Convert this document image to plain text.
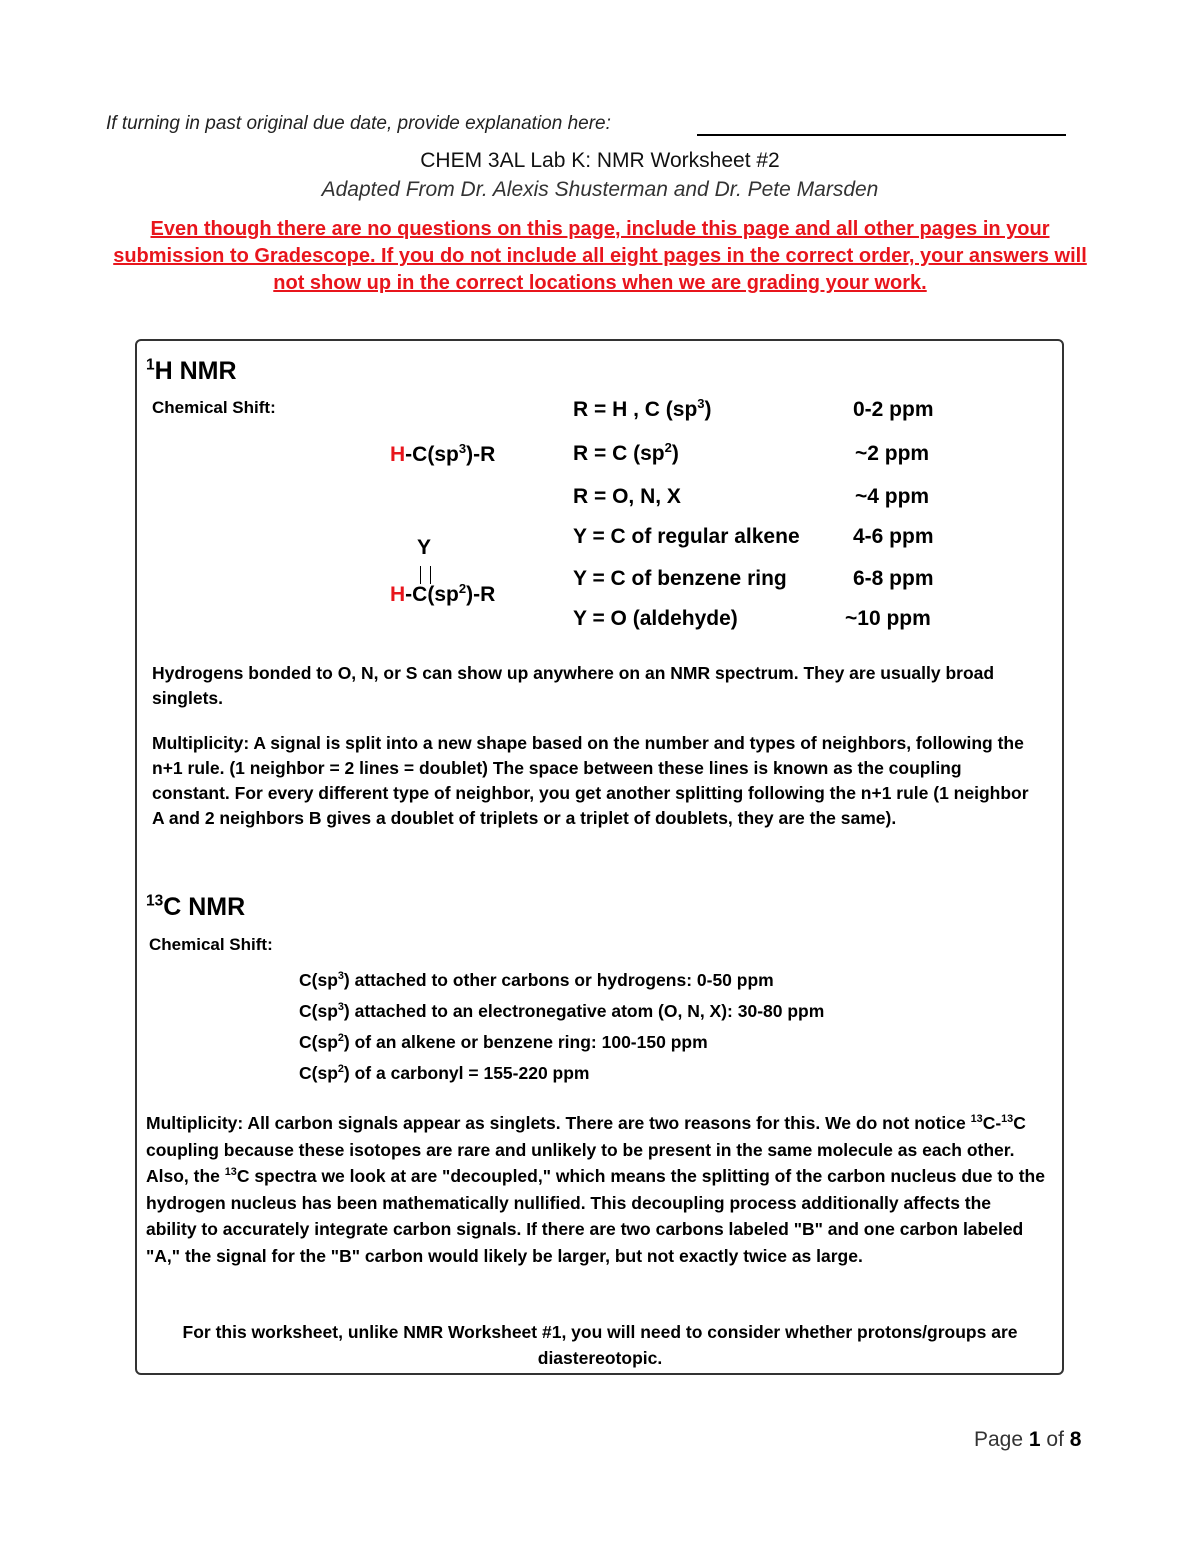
If turning in past original due date, provide explanation here:
CHEM 3AL Lab K: NMR Worksheet #2
Adapted From Dr. Alexis Shusterman and Dr. Pete Marsden
Even though there are no questions on this page, include this page and all other pages in your submission to Gradescope. If you do not include all eight pages in the correct order, your answers will not show up in the correct locations when we are grading your work.
$^1$H NMR
Chemical Shift:
$H-C(sp^3)-R$
Y
$H-C(sp^2)-R$
R = H , C $(sp^3)$	0-2 ppm
R = C $(sp^2)$	~2 ppm
R = O, N, X	~4 ppm
Y = C of regular alkene	4-6 ppm
Y = C of benzene ring	6-8 ppm
Y = O (aldehyde)	~10 ppm
Hydrogens bonded to O, N, or S can show up anywhere on an NMR spectrum. They are usually broad singlets.
Multiplicity: A signal is split into a new shape based on the number and types of neighbors, following the n+1 rule. (1 neighbor = 2 lines = doublet) The space between these lines is known as the coupling constant. For every different type of neighbor, you get another splitting following the n+1 rule (1 neighbor A and 2 neighbors B gives a doublet of triplets or a triplet of doublets, they are the same).
$^{13}$C NMR
Chemical Shift:
$C(sp^3)$ attached to other carbons or hydrogens: 0-50 ppm
$C(sp^3)$ attached to an electronegative atom (O, N, X): 30-80 ppm
$C(sp^2)$ of an alkene or benzene ring: 100-150 ppm
$C(sp^2)$ of a carbonyl = 155-220 ppm
Multiplicity: All carbon signals appear as singlets. There are two reasons for this. We do not notice $^{13}$C-$^{13}$C coupling because these isotopes are rare and unlikely to be present in the same molecule as each other. Also, the $^{13}$C spectra we look at are "decoupled," which means the splitting of the carbon nucleus due to the hydrogen nucleus has been mathematically nullified. This decoupling process additionally affects the ability to accurately integrate carbon signals. If there are two carbons labeled "B" and one carbon labeled "A," the signal for the "B" carbon would likely be larger, but not exactly twice as large.
For this worksheet, unlike NMR Worksheet #1, you will need to consider whether protons/groups are diastereotopic.
Page 1 of 8
